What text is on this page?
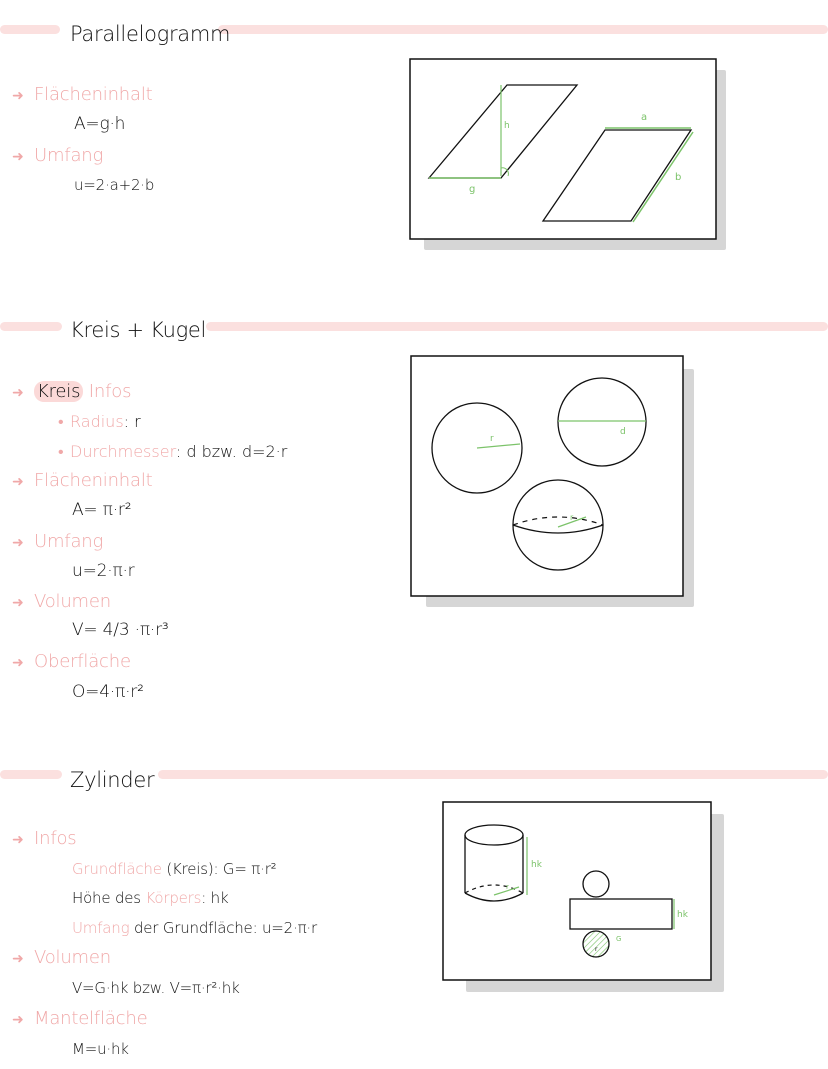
Parallelogramm
➜ Flächeninhalt
A=g·h
➜ Umfang
u=2·a+2·b
h
g
a
b
Kreis + Kugel
➜ Kreis Infos
• Radius: r
• Durchmesser: d bzw. d=2·r
➜ Flächeninhalt
A= π·r²
➜ Umfang
u=2·π·r
➜ Volumen
V= 4/3 ·π·r³
➜ Oberfläche
O=4·π·r²
r
d
r
Zylinder
➜ Infos
Grundfläche (Kreis): G= π·r²
Höhe des Körpers: hk
Umfang der Grundfläche: u=2·π·r
➜ Volumen
V=G·hk bzw. V=π·r²·hk
➜ Mantelfläche
M=u·hk
r
hk
hk
G
r
